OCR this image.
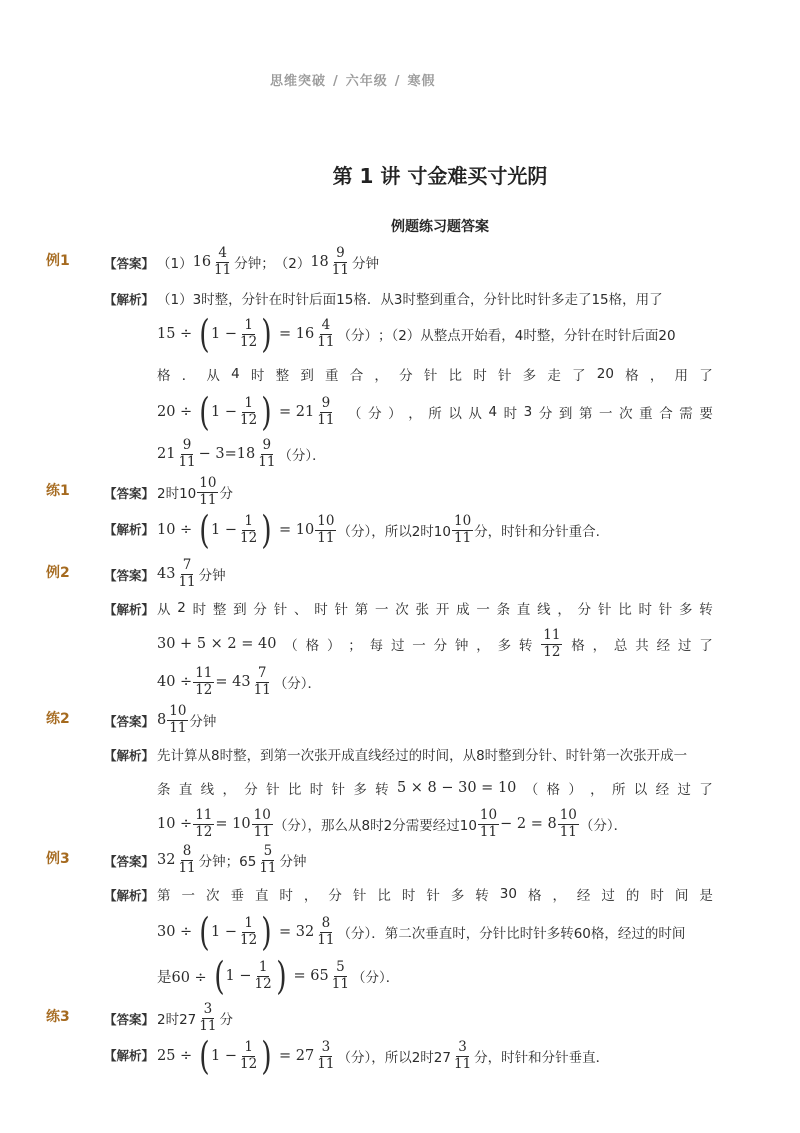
思维突破 / 六年级 / 寒假
第 1 讲 寸金难买寸光阴
例题练习题答案
例1	【答案】 （1） 16
4
11 分钟 ； （2） 18
9
11 分钟
【解析】 （1）3时整，分针在时针后面15格．从3时整到重合，分针比时针多走了15格，用了
15 ÷ ( $1 - \frac{1}{12}$ ) = 16
4
11 （分） ；（2）从整点开始看，4时整，分针在时针后面20
格 ． 从 4 时 整 到 重 合 ， 分 针 比 时 针 多 走 了 20 格 ， 用 了
20 ÷ ( $1 - \frac{1}{12}$ ) = 21
9
11 （ 分 ） ， 所 以 从 4 时 3 分 到 第 一 次 重 合 需 要
21
9
11 − 3=18
9
11 （分）．
练1	【答案】 2时10
10
11 分
【解析】 10 ÷ ( $1 - \frac{1}{12}$ ) = 10
10
11 （分），所以2时10
10
11 分，时针和分针重合.
例2	【答案】 43
7
11 分钟
【解析】 从 2 时 整 到 分 针 、 时 针 第 一 次 张 开 成 一 条 直 线 ， 分 针 比 时 针 多 转
30 + 5 × 2 = 40 （ 格 ） ； 每 过 一 分 钟 ， 多 转
11
12 格 ， 总 共 经 过 了
$40 \div \frac{11}{12} = 43$
7
11 （分）．
练2	【答案】 8
10
11 分钟
【解析】 先计算从8时整，到第一次张开成直线经过的时间，从8时整到分针、时针第一次张开成一
条 直 线 ， 分 针 比 时 针 多 转 5 × 8 − 30 = 10 （ 格 ） ， 所 以 经 过 了
$10 \div \frac{11}{12} = 10$
10
11 （分），那么从8时2分需要经过10
10
11 − 2 = 8
10
11 （分）．
例3	【答案】 32
8
11 分钟；65
5
11 分钟
【解析】 第 一 次 垂 直 时 ， 分 针 比 时 针 多 转 30 格 ， 经 过 的 时 间 是
30 ÷ ( $1 - \frac{1}{12}$ ) = 32
8
11 （分）．第二次垂直时，分针比时针多转60格，经过的时间
是60 ÷ ( $1 - \frac{1}{12}$ ) = 65
5
11 （分）．
练3	【答案】 2时27
3
11 分
【解析】 25 ÷ ( $1 - \frac{1}{12}$ ) = 27
3
11 （分），所以2时27
3
11 分，时针和分针垂直．
